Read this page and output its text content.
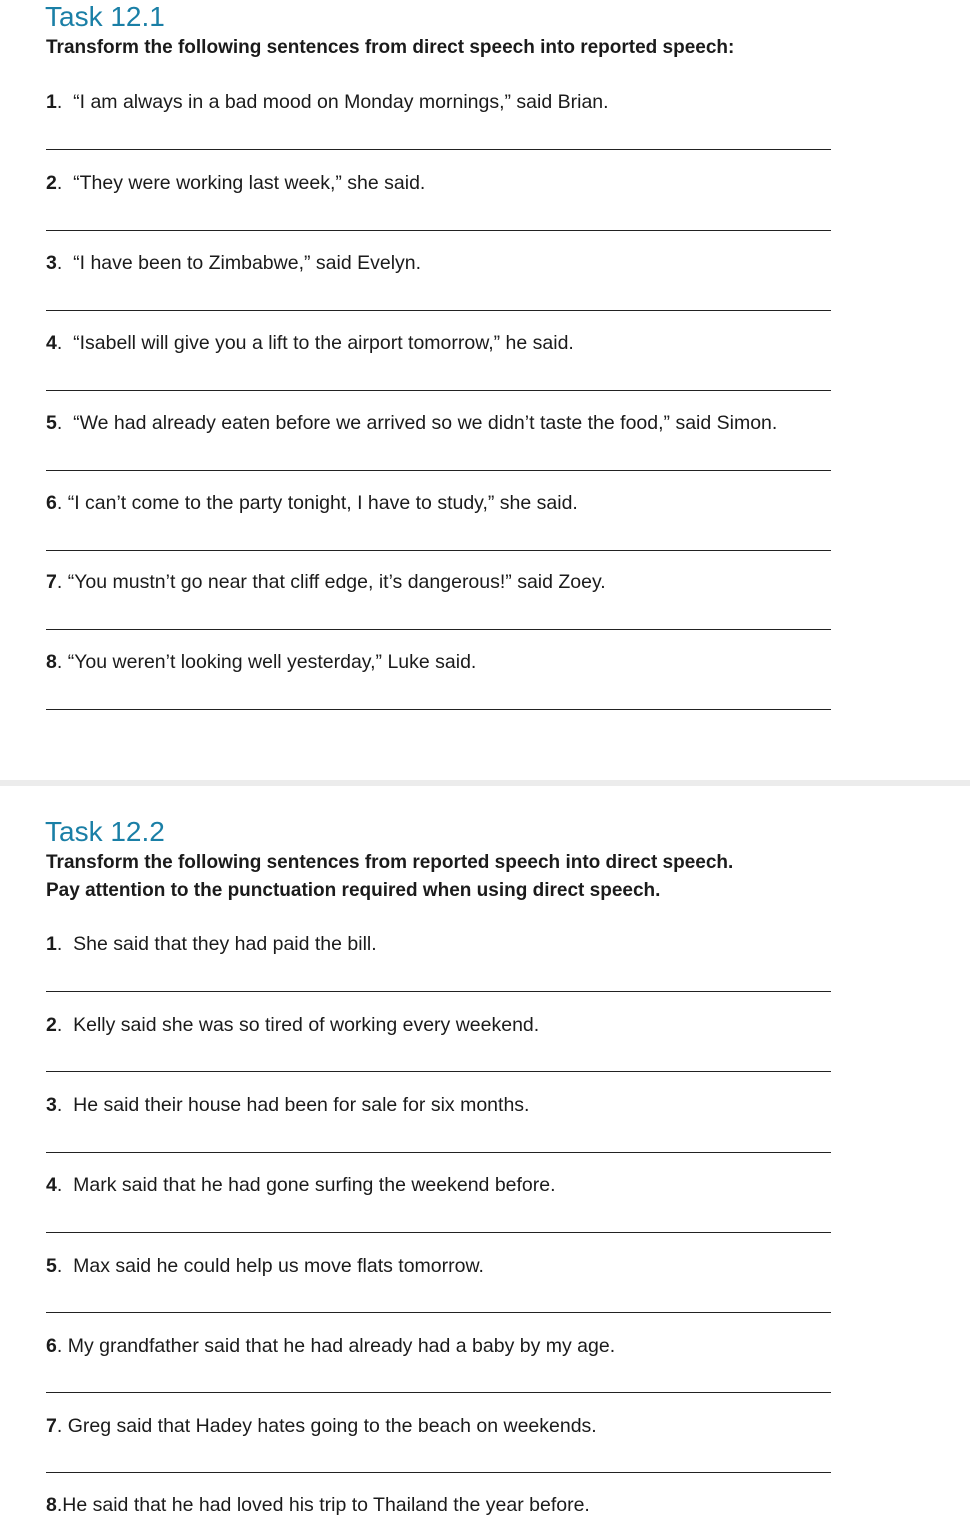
Task 12.1

Transform the following sentences from direct speech into reported speech:

1.  “I am always in a bad mood on Monday mornings,” said Brian.

2.  “They were working last week,” she said.

3.  “I have been to Zimbabwe,” said Evelyn.

4.  “Isabell will give you a lift to the airport tomorrow,” he said.

5.  “We had already eaten before we arrived so we didn’t taste the food,” said Simon.

6. “I can’t come to the party tonight, I have to study,” she said.

7. “You mustn’t go near that cliff edge, it’s dangerous!” said Zoey.

8. “You weren’t looking well yesterday,” Luke said.

Task 12.2

Transform the following sentences from reported speech into direct speech.

Pay attention to the punctuation required when using direct speech.

1.  She said that they had paid the bill.

2.  Kelly said she was so tired of working every weekend.

3.  He said their house had been for sale for six months.

4.  Mark said that he had gone surfing the weekend before.

5.  Max said he could help us move flats tomorrow.

6. My grandfather said that he had already had a baby by my age.

7. Greg said that Hadey hates going to the beach on weekends.

8.He said that he had loved his trip to Thailand the year before.
